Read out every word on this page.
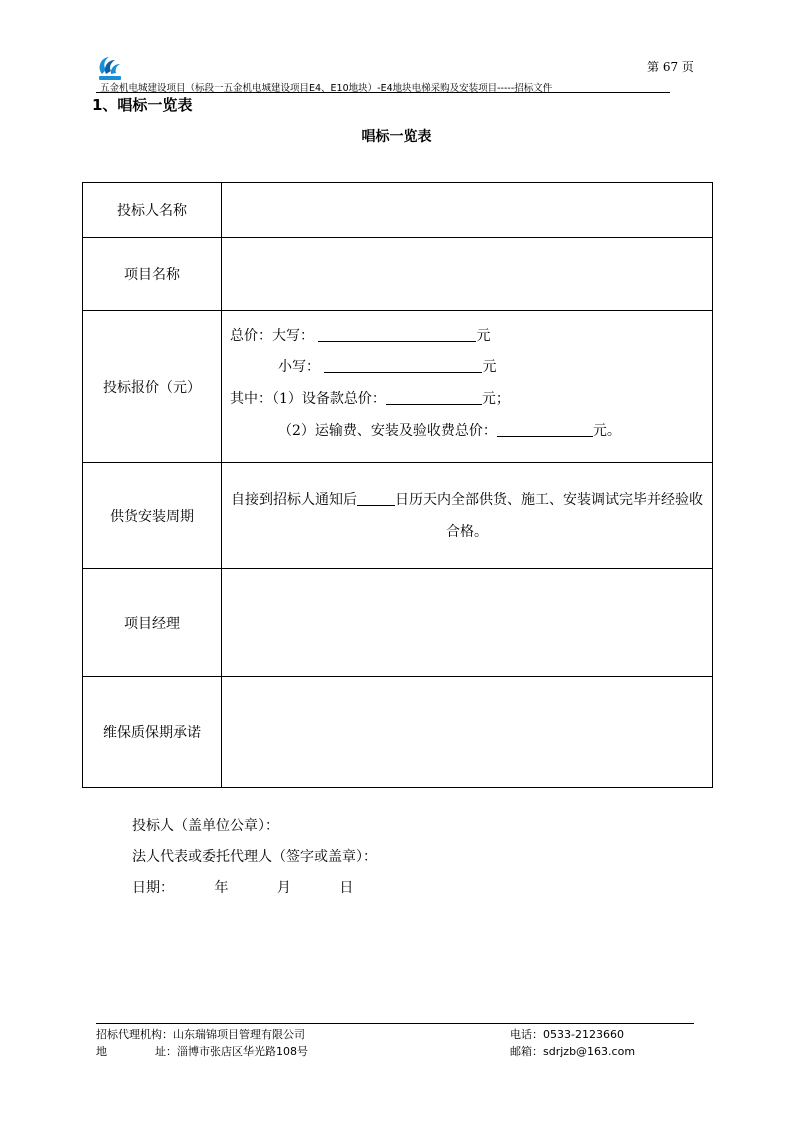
第 67 页
五金机电城建设项目（标段一五金机电城建设项目E4、E10地块）-E4地块电梯采购及安装项目-----招标文件
1、唱标一览表
唱标一览表
投标人名称	
项目名称	
投标报价（元）	总价：大写： 元
小写： 元
其中：（1）设备款总价： 元；
（2）运输费、安装及验收费总价： 元。

供货安装周期	自接到招标人通知后 日历天内全部供货、施工、安装调试完毕并经验收合格。

项目经理	
维保质保期承诺	
投标人（盖单位公章）：
法人代表或委托代理人（签字或盖章）：
日期：	年	月	日
招标代理机构：山东瑞锦项目管理有限公司
地	址：淄博市张店区华光路108号
电话：0533-2123660
邮箱：sdrjzb@163.com
